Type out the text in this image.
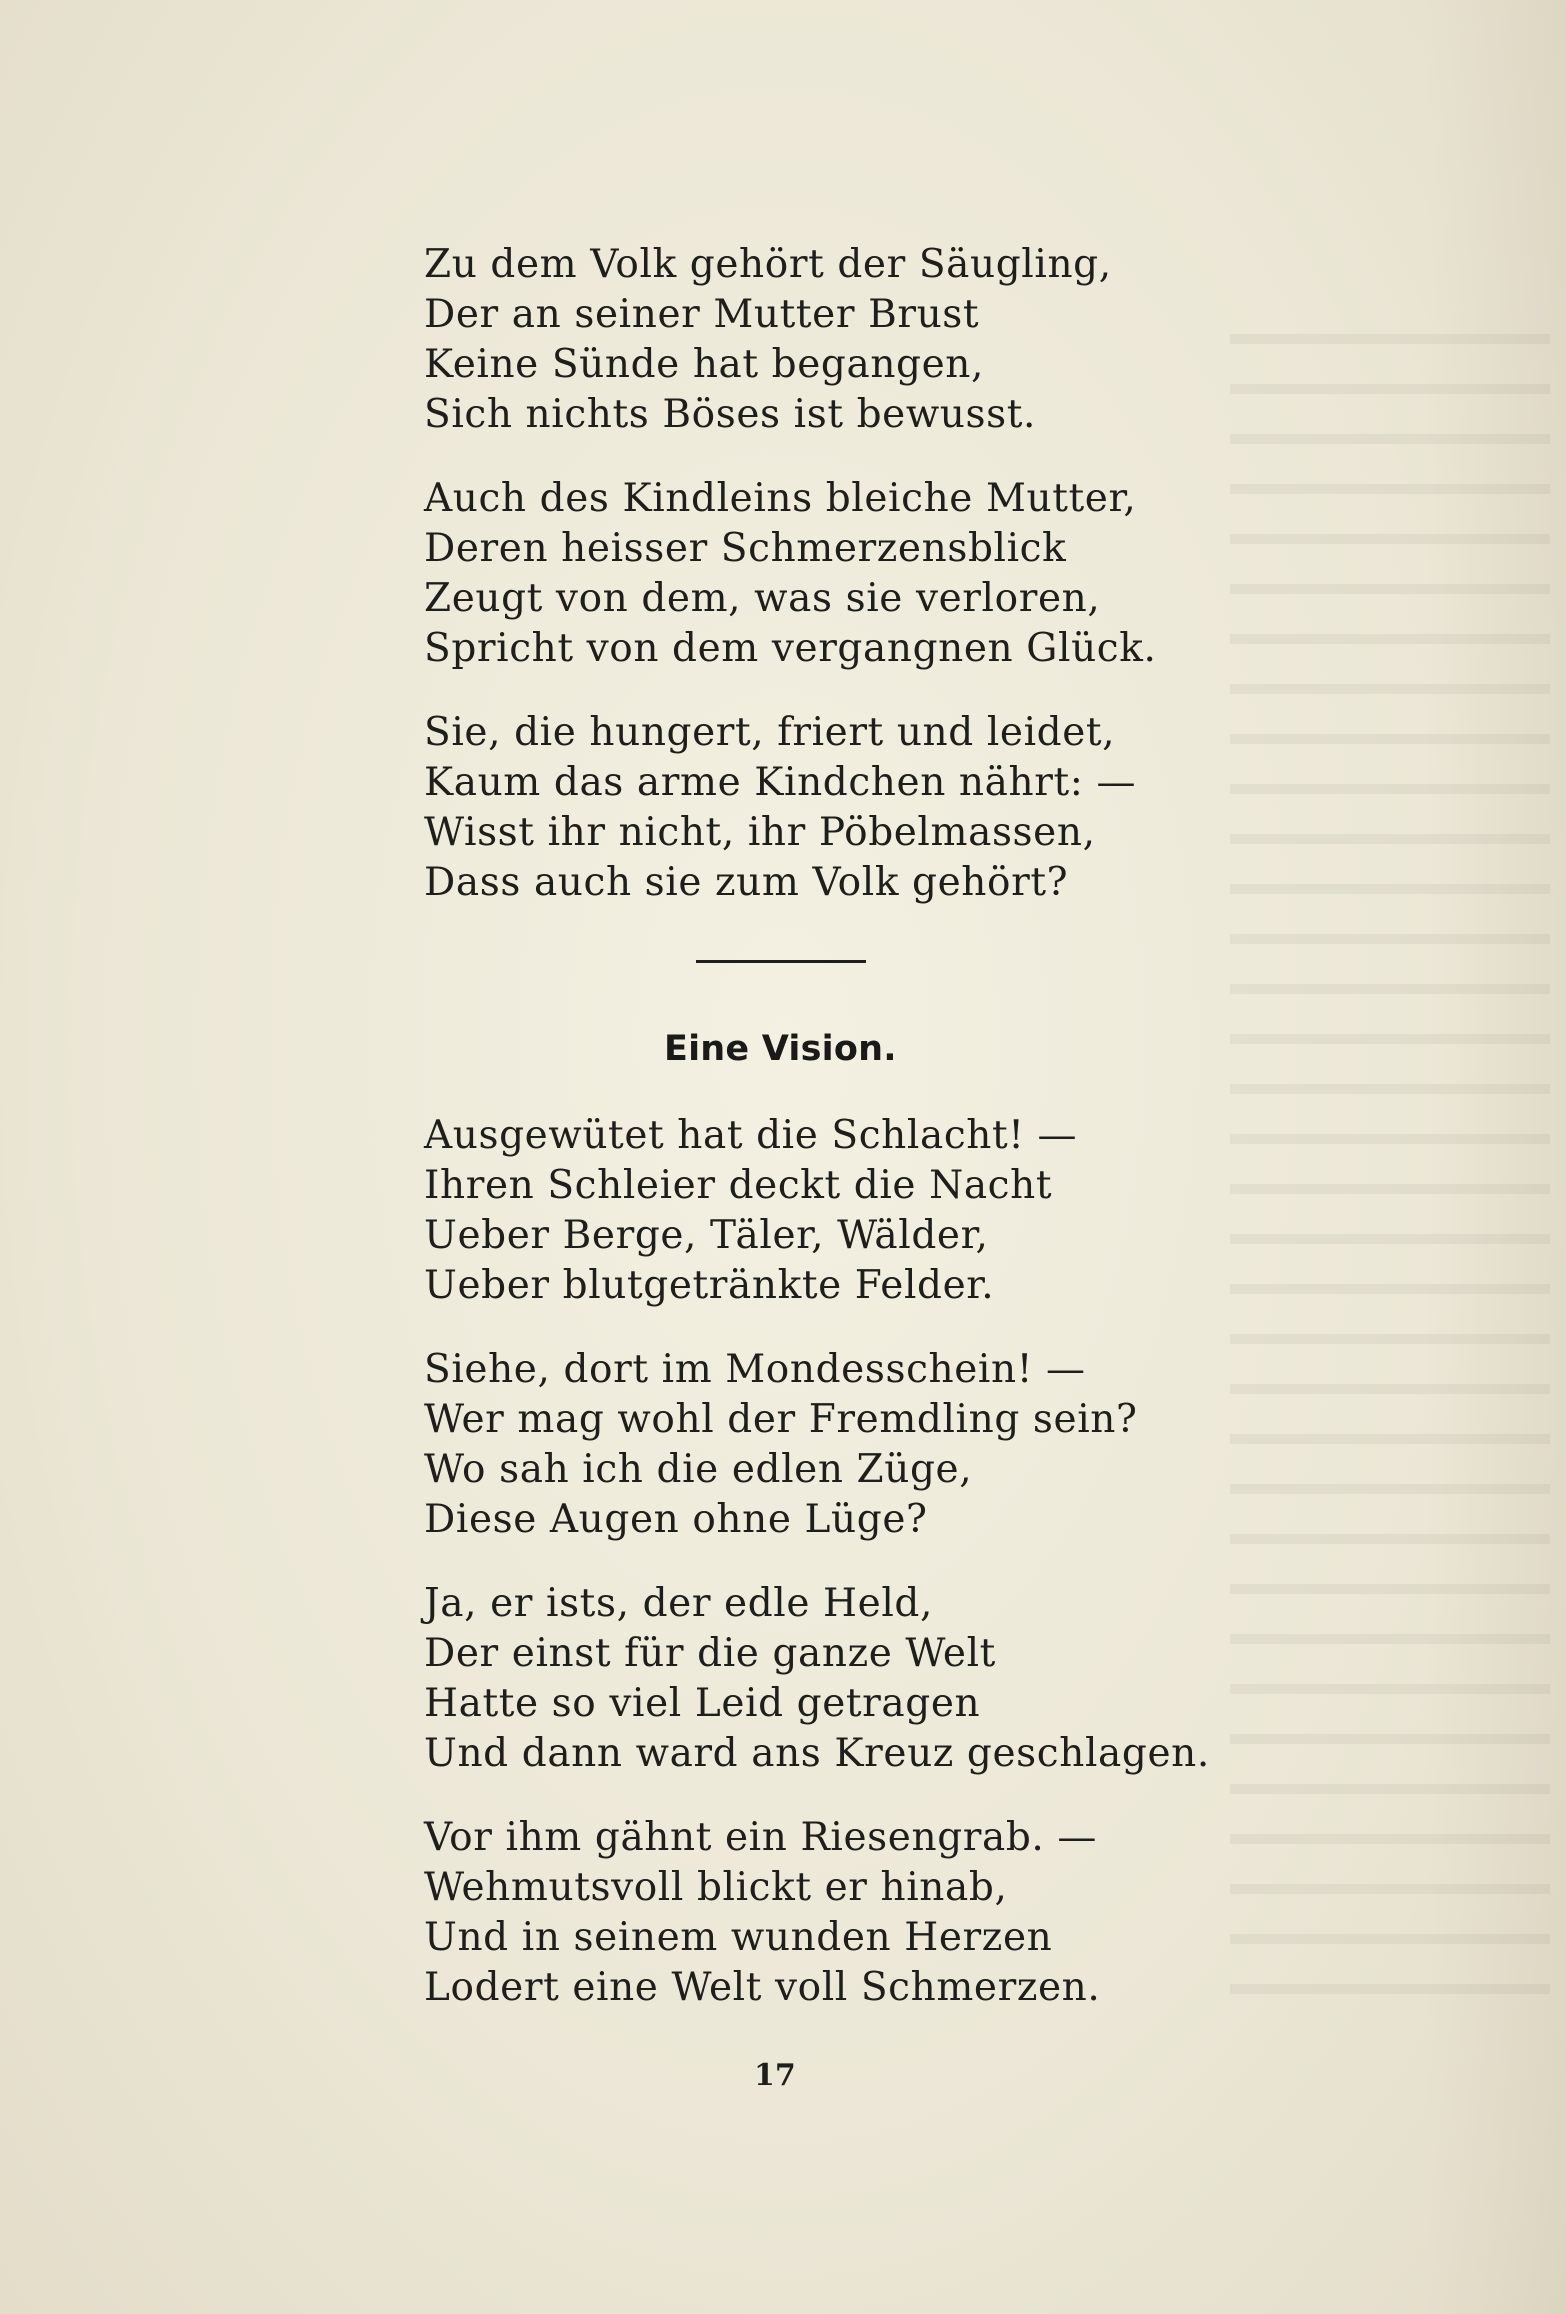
Zu dem Volk gehört der Säugling,
Der an seiner Mutter Brust
Keine Sünde hat begangen,
Sich nichts Böses ist bewusst.
Auch des Kindleins bleiche Mutter,
Deren heisser Schmerzensblick
Zeugt von dem, was sie verloren,
Spricht von dem vergangnen Glück.
Sie, die hungert, friert und leidet,
Kaum das arme Kindchen nährt: —
Wisst ihr nicht, ihr Pöbelmassen,
Dass auch sie zum Volk gehört?
Eine Vision.
Ausgewütet hat die Schlacht! —
Ihren Schleier deckt die Nacht
Ueber Berge, Täler, Wälder,
Ueber blutgetränkte Felder.
Siehe, dort im Mondesschein! —
Wer mag wohl der Fremdling sein?
Wo sah ich die edlen Züge,
Diese Augen ohne Lüge?
Ja, er ists, der edle Held,
Der einst für die ganze Welt
Hatte so viel Leid getragen
Und dann ward ans Kreuz geschlagen.
Vor ihm gähnt ein Riesengrab. —
Wehmutsvoll blickt er hinab,
Und in seinem wunden Herzen
Lodert eine Welt voll Schmerzen.
17
